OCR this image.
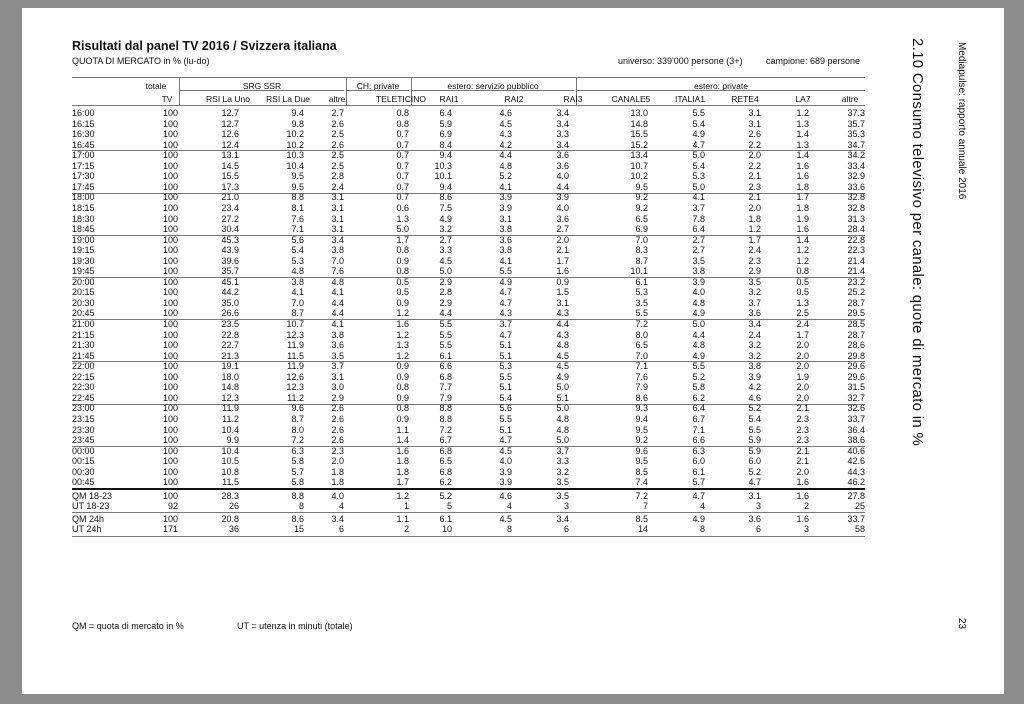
Risultati dal panel TV 2016 / Svizzera italiana
QUOTA DI MERCATO in % (lu-do)	universo: 339'000 persone (3+)	campione: 689 persone
totale	SRG SSR	CH: private	estero: servizio pubblico	estero: private
TV	RSI La Uno	RSI La Due	altre	TELETICINO	RAI1	RAI2	RAI3	CANALE5	ITALIA1	RETE4	LA7	altre
16:00	100	12.7	9.4	2.7	0.8	6.4	4.6	3.4	13.0	5.5	3.1	1.2	37.3
16:15	100	12.7	9.8	2.6	0.8	5.9	4.5	3.4	14.8	5.4	3.1	1.3	35.7
16:30	100	12.6	10.2	2.5	0.7	6.9	4.3	3.3	15.5	4.9	2.6	1.4	35.3
16:45	100	12.4	10.2	2.6	0.7	8.4	4.2	3.4	15.2	4.7	2.2	1.3	34.7
17:00	100	13.1	10.3	2.5	0.7	9.4	4.4	3.6	13.4	5.0	2.0	1.4	34.2
17:15	100	14.5	10.4	2.5	0.7	10.3	4.8	3.6	10.7	5.4	2.2	1.6	33.4
17:30	100	15.5	9.5	2.8	0.7	10.1	5.2	4.0	10.2	5.3	2.1	1.6	32.9
17:45	100	17.3	9.5	2.4	0.7	9.4	4.1	4.4	9.5	5.0	2.3	1.8	33.6
18:00	100	21.0	8.8	3.1	0.7	8.6	3.9	3.9	9.2	4.1	2.1	1.7	32.8
18:15	100	23.4	8.1	3.1	0.6	7.5	3.9	4.0	9.2	3.7	2.0	1.8	32.8
18:30	100	27.2	7.6	3.1	1.3	4.9	3.1	3.6	6.5	7.8	1.8	1.9	31.3
18:45	100	30.4	7.1	3.1	5.0	3.2	3.8	2.7	6.9	6.4	1.2	1.6	28.4
19:00	100	45.3	5.6	3.4	1.7	2.7	3.6	2.0	7.0	2.7	1.7	1.4	22.8
19:15	100	43.9	5.4	3.8	0.8	3.3	3.8	2.1	8.3	2.7	2.4	1.2	22.3
19:30	100	39.6	5.3	7.0	0.9	4.5	4.1	1.7	8.7	3.5	2.3	1.2	21.4
19:45	100	35.7	4.8	7.6	0.8	5.0	5.5	1.6	10.1	3.8	2.9	0.8	21.4
20:00	100	45.1	3.8	4.8	0.5	2.9	4.9	0.9	6.1	3.9	3.5	0.5	23.2
20:15	100	44.2	4.1	4.1	0.5	2.8	4.7	1.5	5.3	4.0	3.2	0.5	25.2
20:30	100	35.0	7.0	4.4	0.9	2.9	4.7	3.1	3.5	4.8	3.7	1.3	28.7
20:45	100	26.6	8.7	4.4	1.2	4.4	4.3	4.3	5.5	4.9	3.6	2.5	29.5
21:00	100	23.5	10.7	4.1	1.6	5.5	3.7	4.4	7.2	5.0	3.4	2.4	28.5
21:15	100	22.8	12.3	3.8	1.2	5.5	4.7	4.3	8.0	4.4	2.4	1.7	28.7
21:30	100	22.7	11.9	3.6	1.3	5.5	5.1	4.8	6.5	4.8	3.2	2.0	28.6
21:45	100	21.3	11.5	3.5	1.2	6.1	5.1	4.5	7.0	4.9	3.2	2.0	29.8
22:00	100	19.1	11.9	3.7	0.9	6.6	5.3	4.5	7.1	5.5	3.8	2.0	29.6
22:15	100	18.0	12.6	3.1	0.9	6.8	5.5	4.9	7.6	5.2	3.9	1.9	29.6
22:30	100	14.8	12.3	3.0	0.8	7.7	5.1	5.0	7.9	5.8	4.2	2.0	31.5
22:45	100	12.3	11.2	2.9	0.9	7.9	5.4	5.1	8.6	6.2	4.6	2.0	32.7
23:00	100	11.9	9.6	2.6	0.8	8.8	5.6	5.0	9.3	6.4	5.2	2.1	32.6
23:15	100	11.2	8.7	2.6	0.9	8.8	5.5	4.8	9.4	6.7	5.4	2.3	33.7
23:30	100	10.4	8.0	2.6	1.1	7.2	5.1	4.8	9.5	7.1	5.5	2.3	36.4
23:45	100	9.9	7.2	2.6	1.4	6.7	4.7	5.0	9.2	6.6	5.9	2.3	38.6
00:00	100	10.4	6.3	2.3	1.6	6.8	4.5	3.7	9.6	6.3	5.9	2.1	40.6
00:15	100	10.5	5.8	2.0	1.8	6.5	4.0	3.3	9.5	6.0	6.0	2.1	42.6
00:30	100	10.8	5.7	1.8	1.8	6.8	3.9	3.2	8.5	6.1	5.2	2.0	44.3
00:45	100	11.5	5.8	1.8	1.7	6.2	3.9	3.5	7.4	5.7	4.7	1.6	46.2
QM 18-23	100	28.3	8.8	4.0	1.2	5.2	4.6	3.5	7.2	4.7	3.1	1.6	27.8
UT 18-23	92	26	8	4	1	5	4	3	7	4	3	2	25
QM 24h	100	20.8	8.6	3.4	1.1	6.1	4.5	3.4	8.5	4.9	3.6	1.6	33.7
UT 24h	171	36	15	6	2	10	8	6	14	8	6	3	58
QM = quota di mercato in %	UT = utenza in minuti (totale)
2.10 Consumo televisivo per canale: quote di mercato in %	Mediapulse: rapporto annuale 2016
23
